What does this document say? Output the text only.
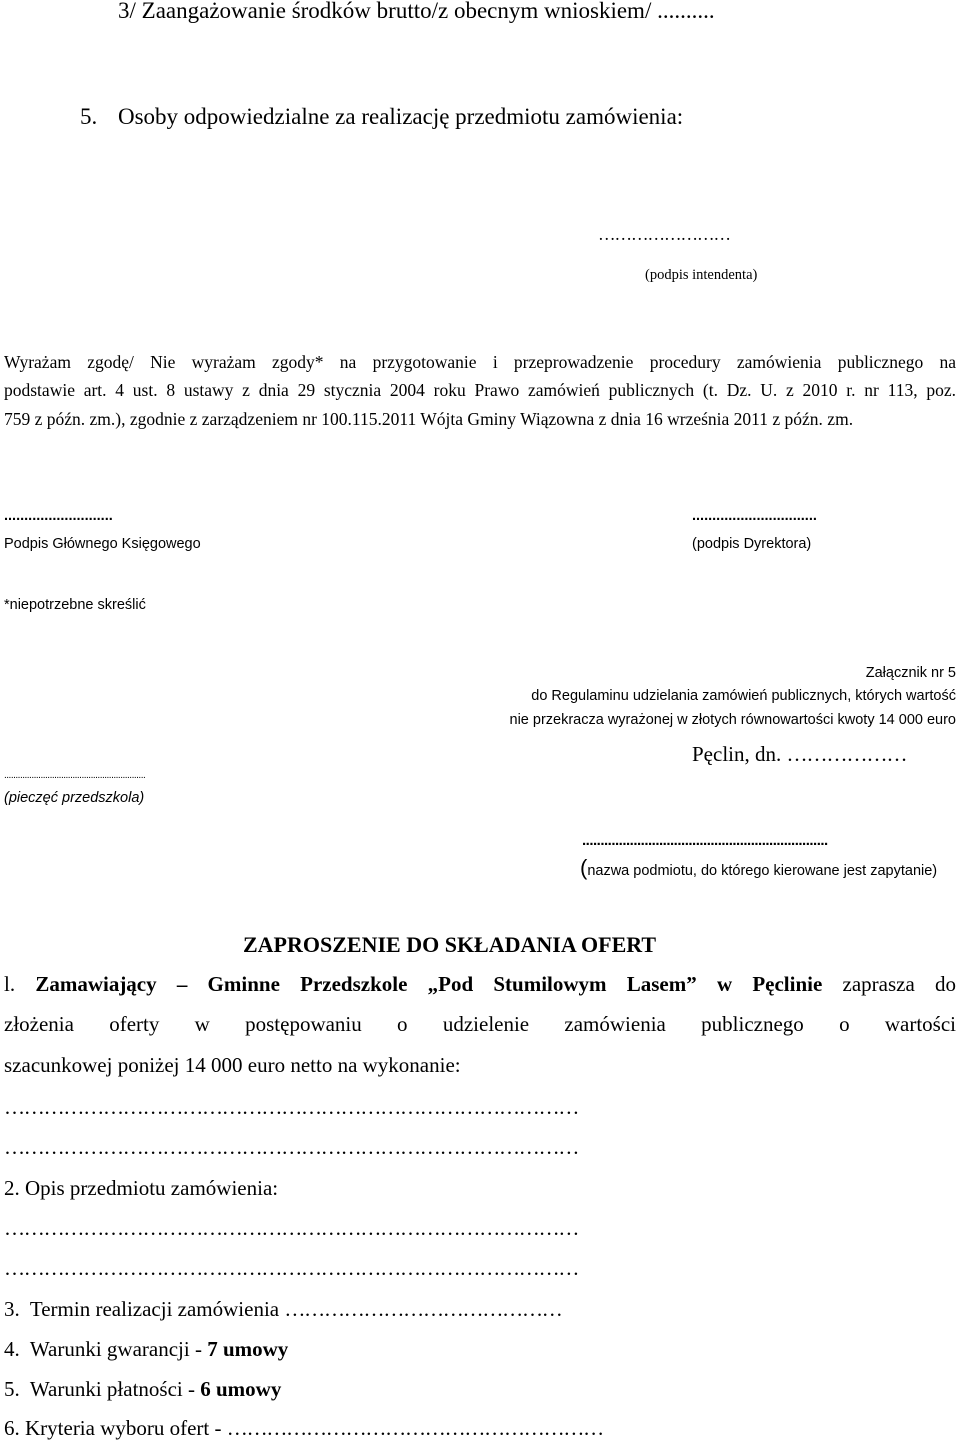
3/ Zaangażowanie środków brutto/z obecnym wnioskiem/ ..........
5. Osoby odpowiedzialne za realizację przedmiotu zamówienia:
……………………
(podpis intendenta)
Wyrażam zgodę/ Nie wyrażam zgody* na przygotowanie i przeprowadzenie procedury zamówienia publicznego na
podstawie art. 4 ust. 8 ustawy z dnia 29 stycznia 2004 roku Prawo zamówień publicznych (t. Dz. U. z 2010 r. nr 113, poz.
759 z późn. zm.), zgodnie z zarządzeniem nr 100.115.2011 Wójta Gminy Wiązowna z dnia 16 września 2011 z późn. zm.
...........................
Podpis Głównego Księgowego
...............................
(podpis Dyrektora)
*niepotrzebne skreślić
Załącznik nr 5
do Regulaminu udzielania zamówień publicznych, których wartość
nie przekracza wyrażonej w złotych równowartości kwoty 14 000 euro
..............................................................
(pieczęć przedszkola)
Pęclin, dn. ………………
...................................................................
(nazwa podmiotu, do którego kierowane jest zapytanie)
ZAPROSZENIE DO SKŁADANIA OFERT
l. Zamawiający – Gminne Przedszkole „Pod Stumilowym Lasem” w Pęclinie zaprasza do
złożenia oferty w postępowaniu o udzielenie zamówienia publicznego o wartości
szacunkowej poniżej 14 000 euro netto na wykonanie:
……………………………………………………………………………
……………………………………………………………………………
2. Opis przedmiotu zamówienia:
……………………………………………………………………………
……………………………………………………………………………
3. Termin realizacji zamówienia ……………………………………
4. Warunki gwarancji - 7 umowy
5. Warunki płatności - 6 umowy
6. Kryteria wyboru ofert - …………………………………………………
